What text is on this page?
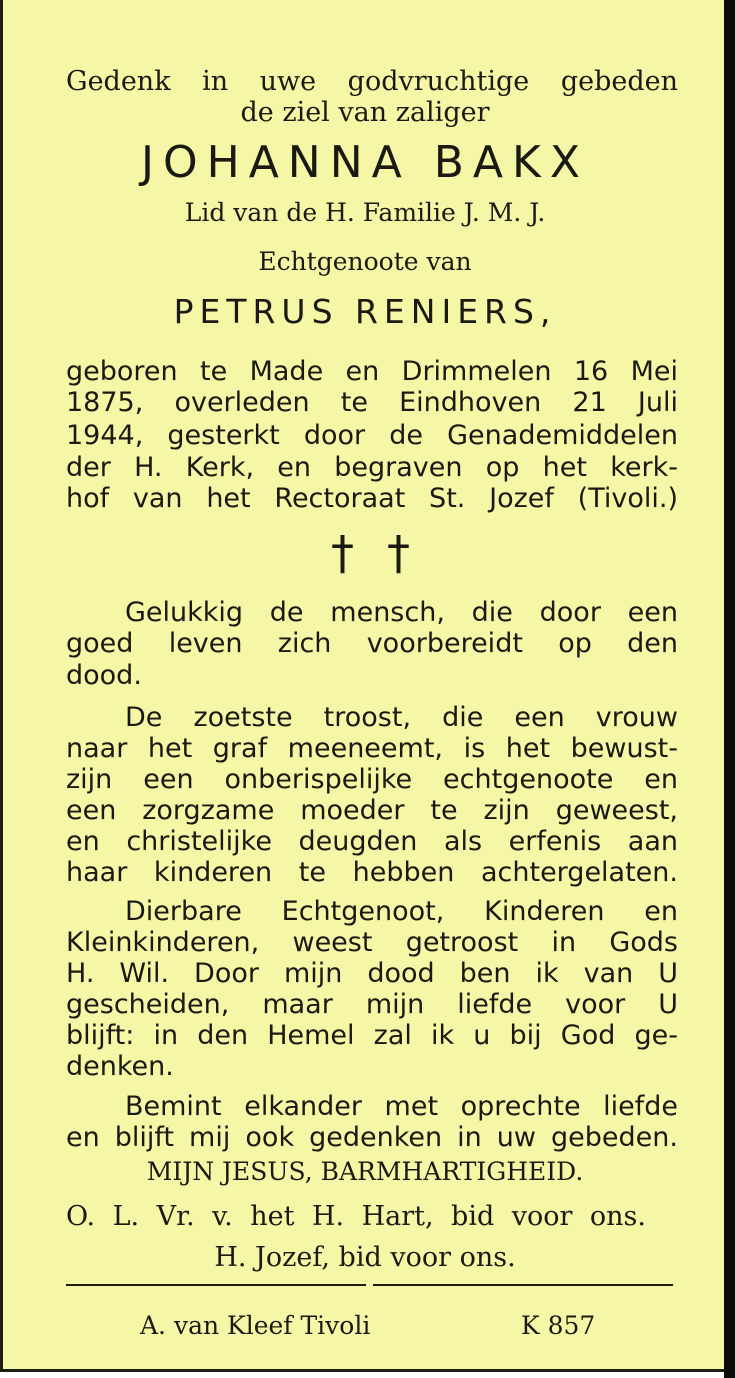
Gedenk in uwe godvruchtige gebeden
de ziel van zaliger
JOHANNA BAKX
Lid van de H. Familie J. M. J.
Echtgenoote van
PETRUS RENIERS,
geboren te Made en Drimmelen 16 Mei
1875, overleden te Eindhoven 21 Juli
1944, gesterkt door de Genademiddelen
der H. Kerk, en begraven op het kerk-
hof van het Rectoraat St. Jozef (Tivoli.)
† †
Gelukkig de mensch, die door een
goed leven zich voorbereidt op den
dood.
De zoetste troost, die een vrouw
naar het graf meeneemt, is het bewust-
zijn een onberispelijke echtgenoote en
een zorgzame moeder te zijn geweest,
en christelijke deugden als erfenis aan
haar kinderen te hebben achtergelaten.
Dierbare Echtgenoot, Kinderen en
Kleinkinderen, weest getroost in Gods
H. Wil. Door mijn dood ben ik van U
gescheiden, maar mijn liefde voor U
blijft: in den Hemel zal ik u bij God ge-
denken.
Bemint elkander met oprechte liefde
en blijft mij ook gedenken in uw gebeden.
MIJN JESUS, BARMHARTIGHEID.
O. L. Vr. v. het H. Hart, bid voor ons.
H. Jozef, bid voor ons.
A. van Kleef Tivoli	K 857
